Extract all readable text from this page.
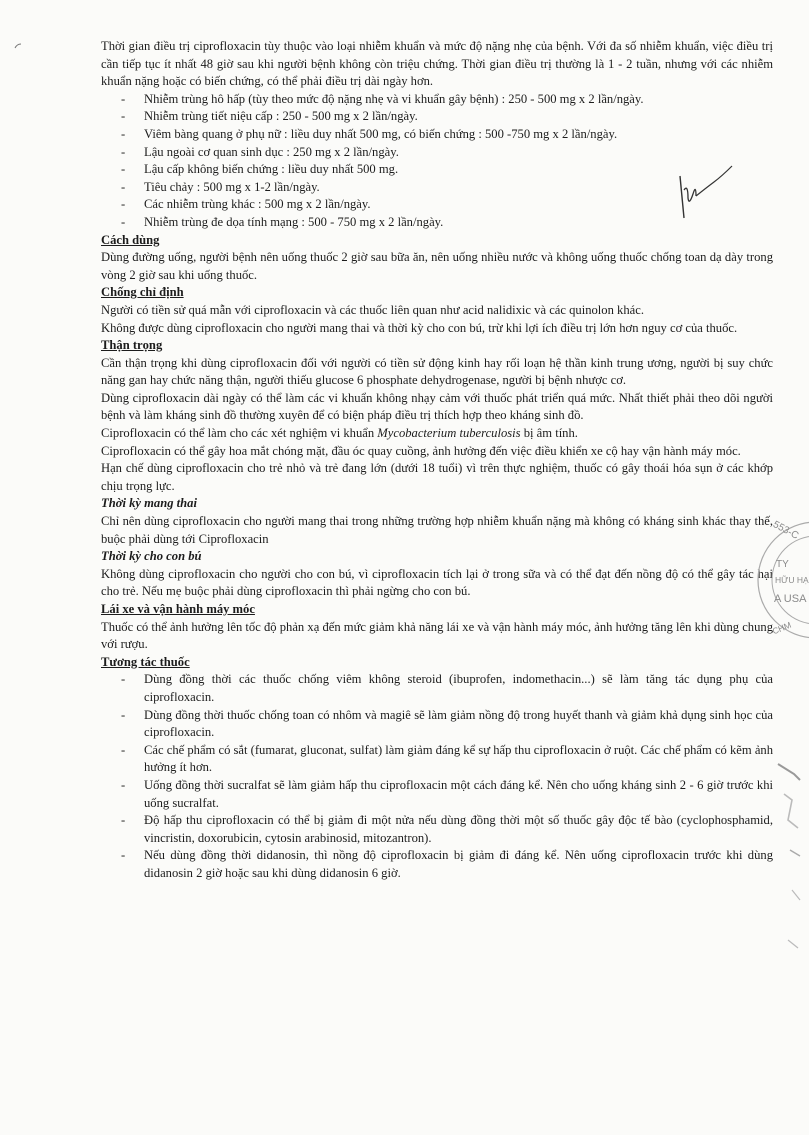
Thời gian điều trị ciprofloxacin tùy thuộc vào loại nhiễm khuẩn và mức độ nặng nhẹ của bệnh. Với đa số nhiễm khuẩn, việc điều trị cần tiếp tục ít nhất 48 giờ sau khi người bệnh không còn triệu chứng. Thời gian điều trị thường là 1 - 2 tuần, nhưng với các nhiễm khuẩn nặng hoặc có biến chứng, có thể phải điều trị dài ngày hơn.

- Nhiễm trùng hô hấp (tùy theo mức độ nặng nhẹ và vi khuẩn gây bệnh) : 250 - 500 mg x 2 lần/ngày.
- Nhiễm trùng tiết niệu cấp : 250 - 500 mg x 2 lần/ngày.
- Viêm bàng quang ở phụ nữ : liều duy nhất 500 mg, có biến chứng : 500 -750 mg x 2 lần/ngày.
- Lậu ngoài cơ quan sinh dục : 250 mg x 2 lần/ngày.
- Lậu cấp không biến chứng : liều duy nhất 500 mg.
- Tiêu chảy : 500 mg x 1-2 lần/ngày.
- Các nhiễm trùng khác : 500 mg x 2 lần/ngày.
- Nhiễm trùng đe dọa tính mạng : 500 - 750 mg x 2 lần/ngày.

Cách dùng

Dùng đường uống, người bệnh nên uống thuốc 2 giờ sau bữa ăn, nên uống nhiều nước và không uống thuốc chống toan dạ dày trong vòng 2 giờ sau khi uống thuốc.

Chống chỉ định

Người có tiền sử quá mẫn với ciprofloxacin và các thuốc liên quan như acid nalidixic và các quinolon khác.

Không được dùng ciprofloxacin cho người mang thai và thời kỳ cho con bú, trừ khi lợi ích điều trị lớn hơn nguy cơ của thuốc.

Thận trọng

Cần thận trọng khi dùng ciprofloxacin đối với người có tiền sử động kinh hay rối loạn hệ thần kinh trung ương, người bị suy chức năng gan hay chức năng thận, người thiếu glucose 6 phosphate dehydrogenase, người bị bệnh nhược cơ.

Dùng ciprofloxacin dài ngày có thể làm các vi khuẩn không nhạy cảm với thuốc phát triển quá mức. Nhất thiết phải theo dõi người bệnh và làm kháng sinh đồ thường xuyên để có biện pháp điều trị thích hợp theo kháng sinh đồ.

Ciprofloxacin có thể làm cho các xét nghiệm vi khuẩn Mycobacterium tuberculosis bị âm tính.

Ciprofloxacin có thể gây hoa mắt chóng mặt, đầu óc quay cuồng, ảnh hưởng đến việc điều khiển xe cộ hay vận hành máy móc.

Hạn chế dùng ciprofloxacin cho trẻ nhỏ và trẻ đang lớn (dưới 18 tuổi) vì trên thực nghiệm, thuốc có gây thoái hóa sụn ở các khớp chịu trọng lực.

Thời kỳ mang thai

Chỉ nên dùng ciprofloxacin cho người mang thai trong những trường hợp nhiễm khuẩn nặng mà không có kháng sinh khác thay thế, buộc phải dùng tới Ciprofloxacin

Thời kỳ cho con bú

Không dùng ciprofloxacin cho người cho con bú, vì ciprofloxacin tích lại ở trong sữa và có thể đạt đến nồng độ có thể gây tác hại cho trẻ. Nếu mẹ buộc phải dùng ciprofloxacin thì phải ngừng cho con bú.

Lái xe và vận hành máy móc

Thuốc có thể ảnh hưởng lên tốc độ phản xạ đến mức giảm khả năng lái xe và vận hành máy móc, ảnh hưởng tăng lên khi dùng chung với rượu.

Tương tác thuốc

- Dùng đồng thời các thuốc chống viêm không steroid (ibuprofen, indomethacin...) sẽ làm tăng tác dụng phụ của ciprofloxacin.
- Dùng đồng thời thuốc chống toan có nhôm và magiê sẽ làm giảm nồng độ trong huyết thanh và giảm khả dụng sinh học của ciprofloxacin.
- Các chế phẩm có sắt (fumarat, gluconat, sulfat) làm giảm đáng kể sự hấp thu ciprofloxacin ở ruột. Các chế phẩm có kẽm ảnh hưởng ít hơn.
- Uống đồng thời sucralfat sẽ làm giảm hấp thu ciprofloxacin một cách đáng kể. Nên cho uống kháng sinh 2 - 6 giờ trước khi uống sucralfat.
- Độ hấp thu ciprofloxacin có thể bị giảm đi một nửa nếu dùng đồng thời một số thuốc gây độc tế bào (cyclophosphamid, vincristin, doxorubicin, cytosin arabinosid, mitozantron).
- Nếu dùng đồng thời didanosin, thì nồng độ ciprofloxacin bị giảm đi đáng kể. Nên uống ciprofloxacin trước khi dùng didanosin 2 giờ hoặc sau khi dùng didanosin 6 giờ.
553-C
TY
HỮU HẠ
A USA
CHM
